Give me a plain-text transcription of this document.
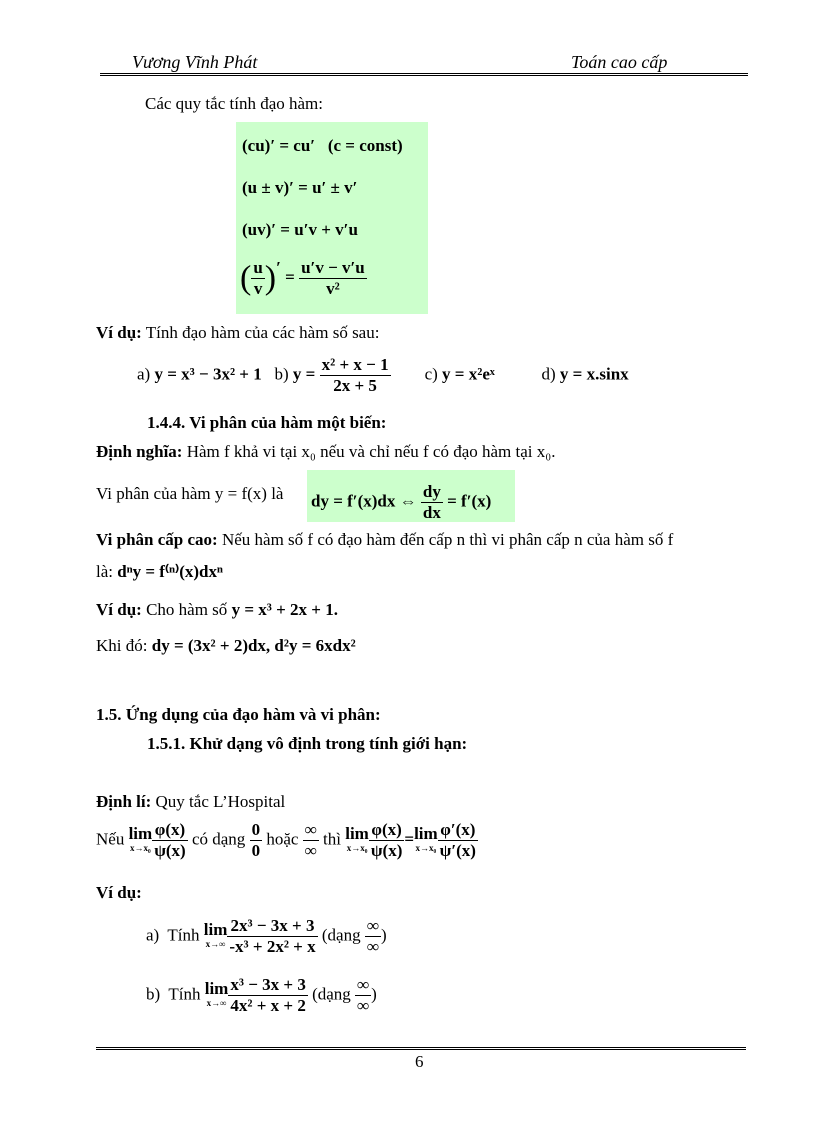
Vương Vĩnh Phát	Toán cao cấp
Các quy tắc tính đạo hàm:
(cu)′ = cu′ (c = const)
(u ± v)′ = u′ ± v′
(uv)′ = u′v + v′u
( $\frac{u}{v}$ )′ = $\frac{u'v - v'u}{\text{v²}}$
Ví dụ: Tính đạo hàm của các hàm số sau:
a) y = x³ − 3x² + 1 b) $y = \frac{\text{x² + x − 1}}{2x + 5} c$) y = x²eˣ	d) y = x.sinx
1.4.4. Vi phân của hàm một biến:
Định nghĩa: Hàm f khả vi tại x₀ nếu và chỉ nếu f có đạo hàm tại x₀.
Vi phân của hàm y = f(x) là dy = f′(x)dx ⇔ $\frac{dy}{dx} = f'(x)$
Vi phân cấp cao: Nếu hàm số f có đạo hàm đến cấp n thì vi phân cấp n của hàm số f
là: dⁿy = f⁽ⁿ⁾(x)dxⁿ
Ví dụ: Cho hàm số y = x³ + 2x + 1.
Khi đó: dy = (3x² + 2)dx, d²y = 6xdx²
1.5. Ứng dụng của đạo hàm và vi phân:
1.5.1. Khử dạng vô định trong tính giới hạn:
Định lí: Quy tắc L’Hospital
Nếu lim
$x\to x_0 \frac{\varphi(x)}{\psi(x)}$ có dạng $\frac{0}{0}$ hoặc $\frac{\infty}{\infty}$ thì lim
$x\to x_0 \frac{\varphi(x)}{\psi(x)} = \lim$
$x\to x_0 \frac{\varphi'(x)}{\psi'(x)}$
Ví dụ:
a) Tính lim
$x\to\infty \frac{\text{2x³ − 3x + 3}}{\text{-x³ + 2x² + x}}$ (dạng $\frac{\infty}{\infty}$ )
b) Tính lim
$x\to\infty \frac{\text{x³ − 3x + 3}}{\text{4x² + x + 2}}$ (dạng $\frac{\infty}{\infty}$ )
6
